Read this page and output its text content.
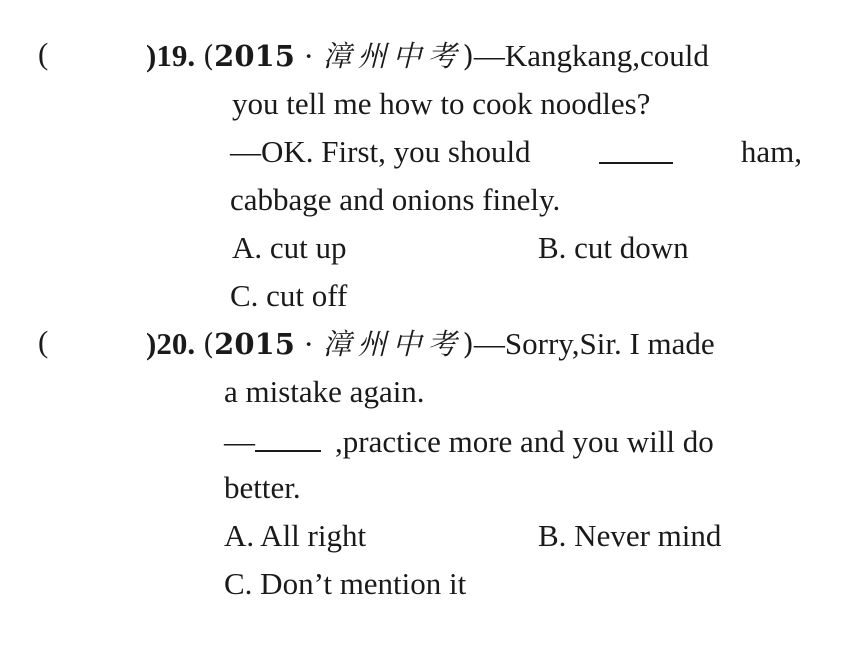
(	)19. (2015 · 漳州中考)—Kangkang,could
you tell me how to cook noodles?
—OK. First, you should	ham,
cabbage and onions finely.
A. cut up	B. cut down
C. cut off
(	)20. (2015 · 漳州中考)—Sorry,Sir. I made
a mistake again.
—	,practice more and you will do
better.
A. All right	B. Never mind
C. Don’t mention it
